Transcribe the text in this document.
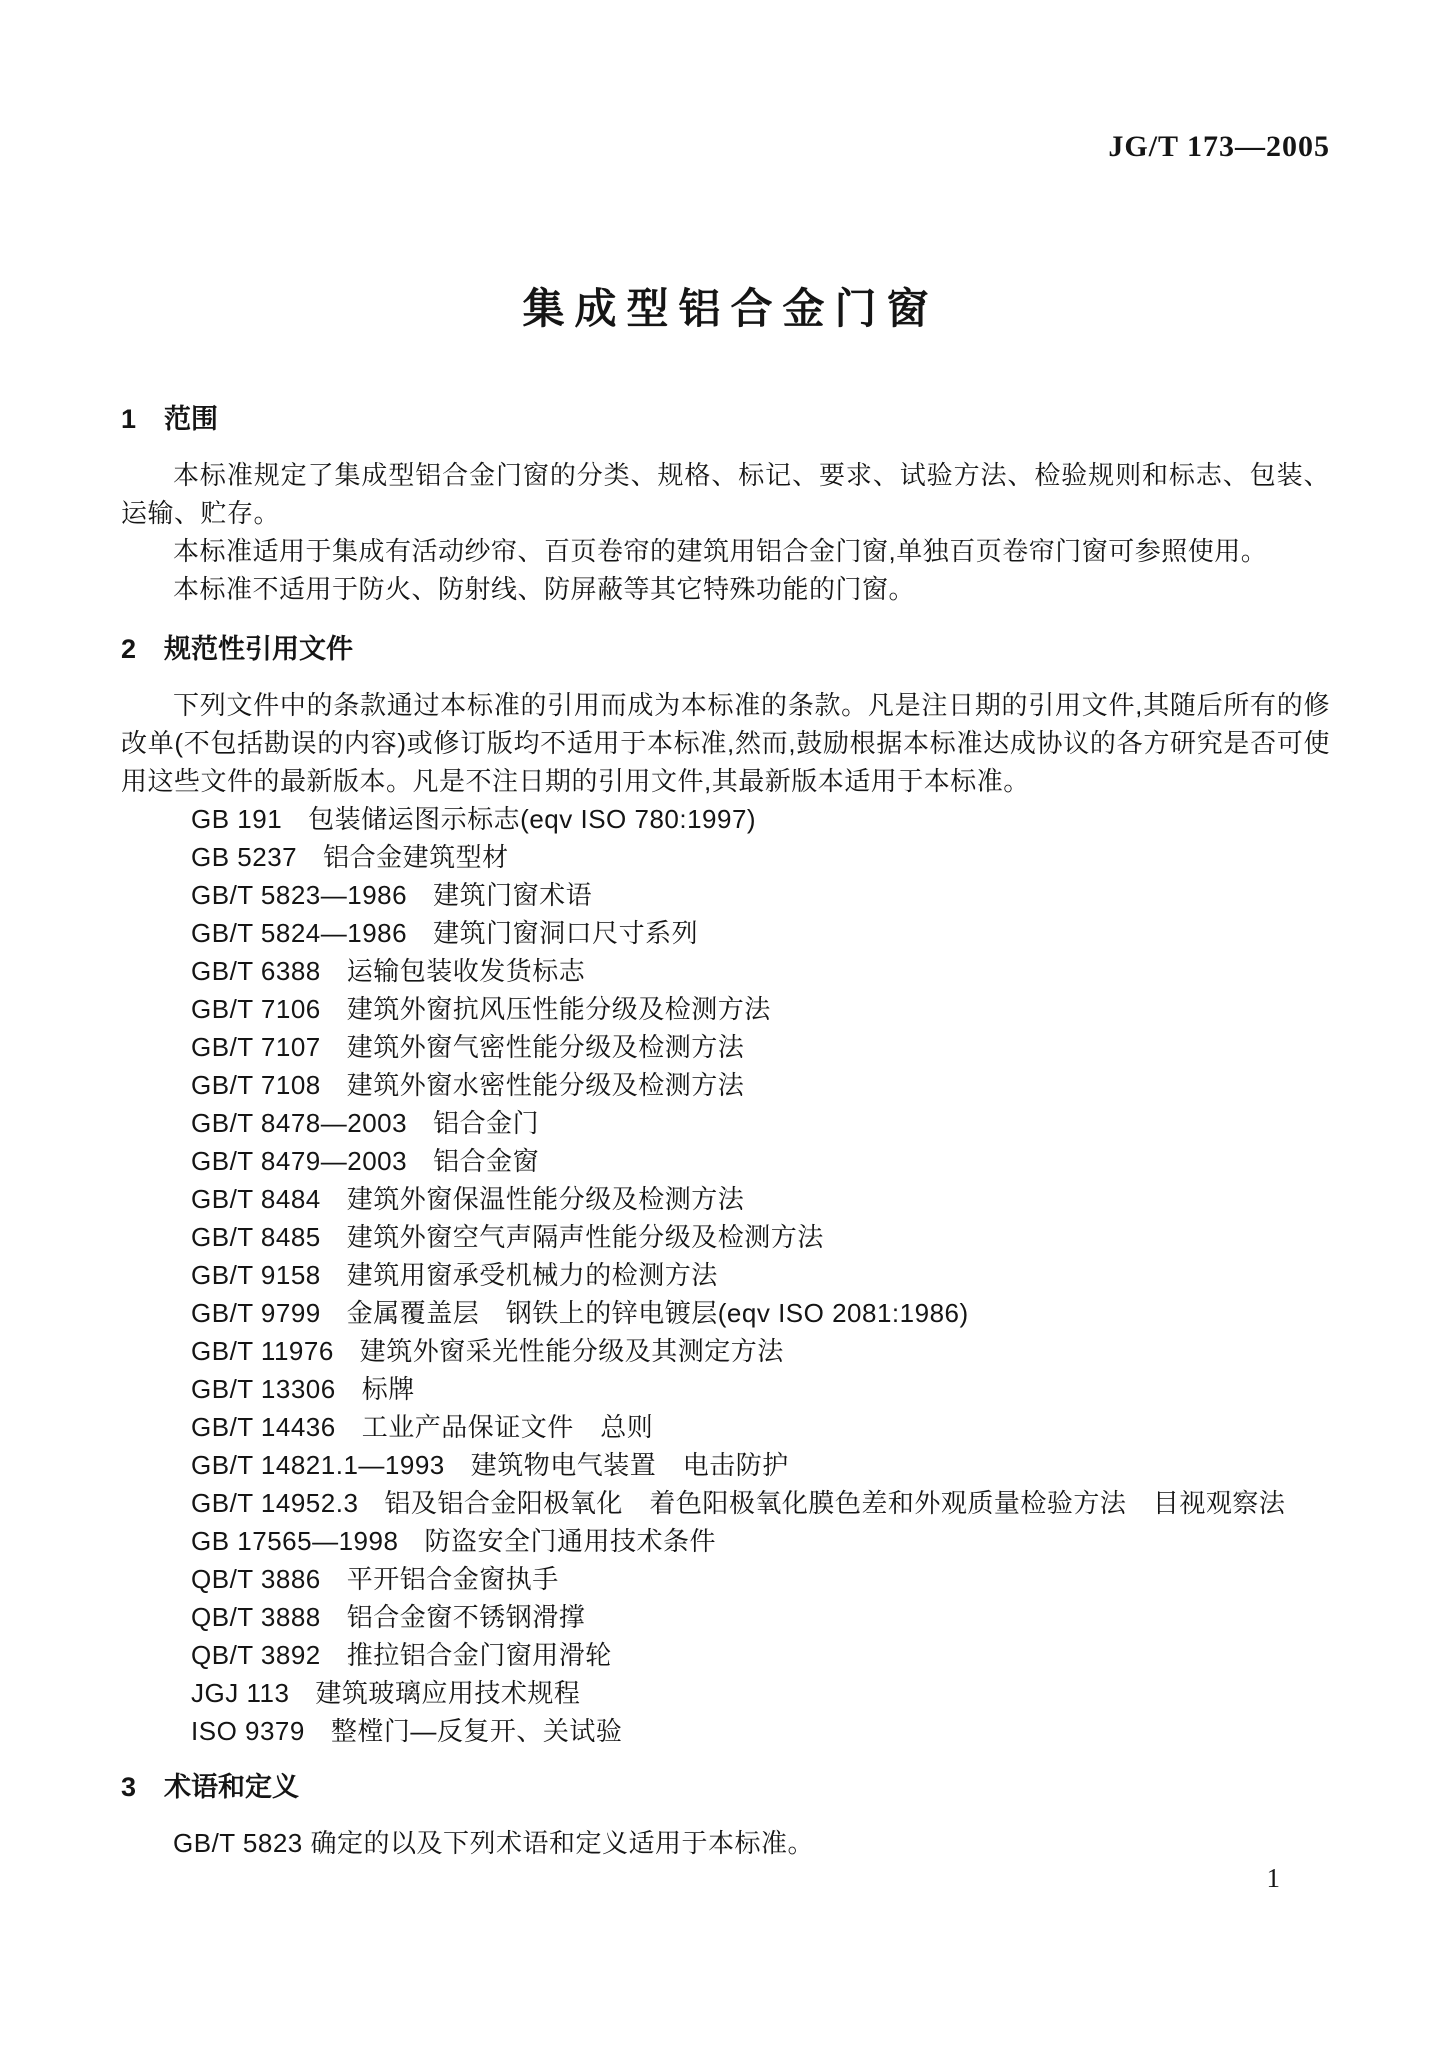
JG/T 173—2005
集成型铝合金门窗
1 范围

本标准规定了集成型铝合金门窗的分类、规格、标记、要求、试验方法、检验规则和标志、包装、运输、贮存。

本标准适用于集成有活动纱帘、百页卷帘的建筑用铝合金门窗,单独百页卷帘门窗可参照使用。

本标准不适用于防火、防射线、防屏蔽等其它特殊功能的门窗。

2 规范性引用文件

下列文件中的条款通过本标准的引用而成为本标准的条款。凡是注日期的引用文件,其随后所有的修改单(不包括勘误的内容)或修订版均不适用于本标准,然而,鼓励根据本标准达成协议的各方研究是否可使用这些文件的最新版本。凡是不注日期的引用文件,其最新版本适用于本标准。

GB 191 包装储运图示标志(eqv ISO 780:1997)
GB 5237 铝合金建筑型材
GB/T 5823—1986 建筑门窗术语
GB/T 5824—1986 建筑门窗洞口尺寸系列
GB/T 6388 运输包装收发货标志
GB/T 7106 建筑外窗抗风压性能分级及检测方法
GB/T 7107 建筑外窗气密性能分级及检测方法
GB/T 7108 建筑外窗水密性能分级及检测方法
GB/T 8478—2003 铝合金门
GB/T 8479—2003 铝合金窗
GB/T 8484 建筑外窗保温性能分级及检测方法
GB/T 8485 建筑外窗空气声隔声性能分级及检测方法
GB/T 9158 建筑用窗承受机械力的检测方法
GB/T 9799 金属覆盖层　钢铁上的锌电镀层(eqv ISO 2081:1986)
GB/T 11976 建筑外窗采光性能分级及其测定方法
GB/T 13306 标牌
GB/T 14436 工业产品保证文件　总则
GB/T 14821.1—1993 建筑物电气装置　电击防护
GB/T 14952.3 铝及铝合金阳极氧化　着色阳极氧化膜色差和外观质量检验方法　目视观察法
GB 17565—1998 防盗安全门通用技术条件
QB/T 3886 平开铝合金窗执手
QB/T 3888 铝合金窗不锈钢滑撑
QB/T 3892 推拉铝合金门窗用滑轮
JGJ 113 建筑玻璃应用技术规程
ISO 9379 整樘门—反复开、关试验
3 术语和定义

GB/T 5823 确定的以及下列术语和定义适用于本标准。

1
